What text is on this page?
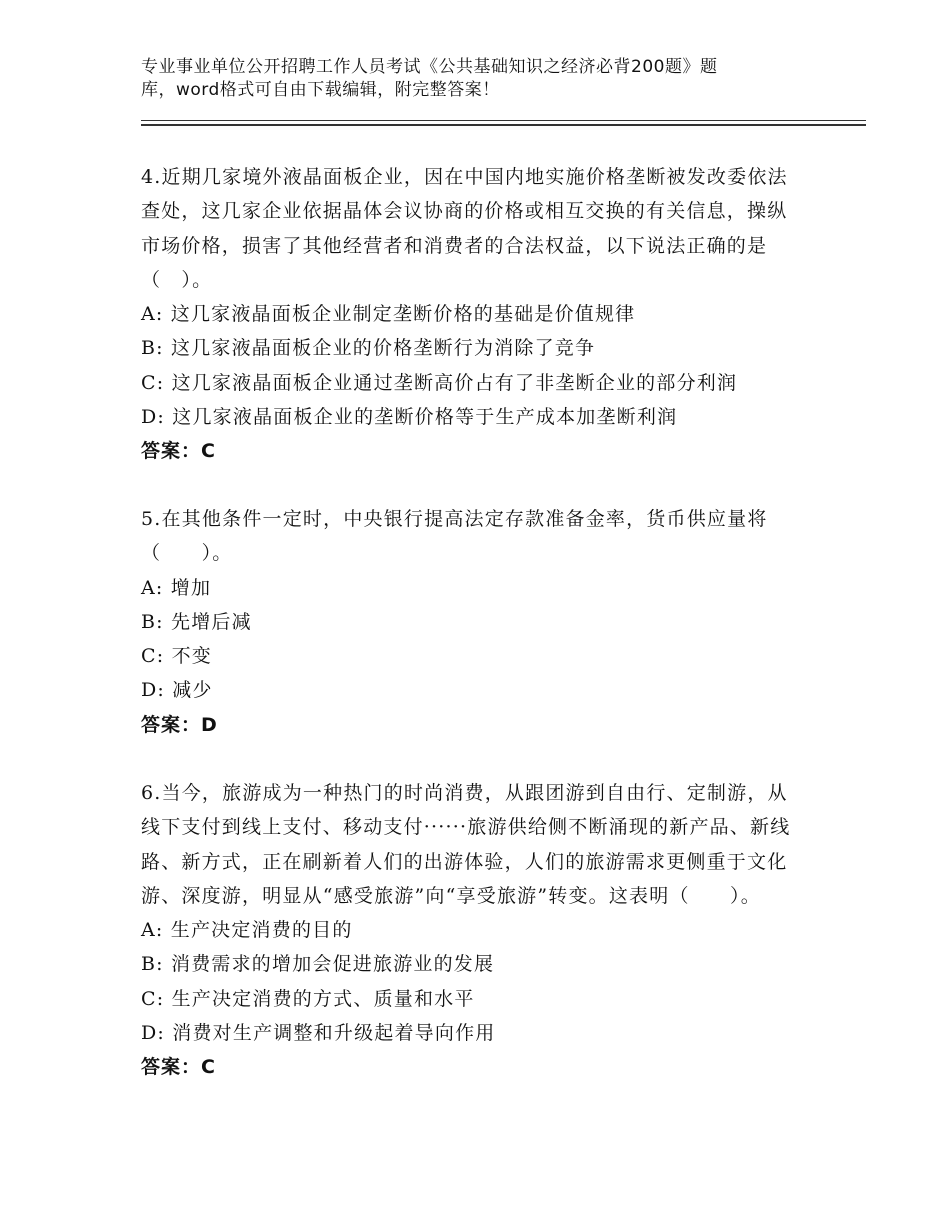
专业事业单位公开招聘工作人员考试《公共基础知识之经济必背200题》题
库，word格式可自由下载编辑，附完整答案！

4.近期几家境外液晶面板企业，因在中国内地实施价格垄断被发改委依法查处，这几家企业依据晶体会议协商的价格或相互交换的有关信息，操纵市场价格，损害了其他经营者和消费者的合法权益，以下说法正确的是（　）。

A: 这几家液晶面板企业制定垄断价格的基础是价值规律

B: 这几家液晶面板企业的价格垄断行为消除了竞争

C: 这几家液晶面板企业通过垄断高价占有了非垄断企业的部分利润

D: 这几家液晶面板企业的垄断价格等于生产成本加垄断利润

答案：C

5.在其他条件一定时，中央银行提高法定存款准备金率，货币供应量将（　　）。

A: 增加

B: 先增后减

C: 不变

D: 减少

答案：D

6.当今，旅游成为一种热门的时尚消费，从跟团游到自由行、定制游，从线下支付到线上支付、移动支付······旅游供给侧不断涌现的新产品、新线路、新方式，正在刷新着人们的出游体验，人们的旅游需求更侧重于文化游、深度游，明显从“感受旅游”向“享受旅游”转变。这表明（　　）。

A: 生产决定消费的目的

B: 消费需求的增加会促进旅游业的发展

C: 生产决定消费的方式、质量和水平

D: 消费对生产调整和升级起着导向作用

答案：C
